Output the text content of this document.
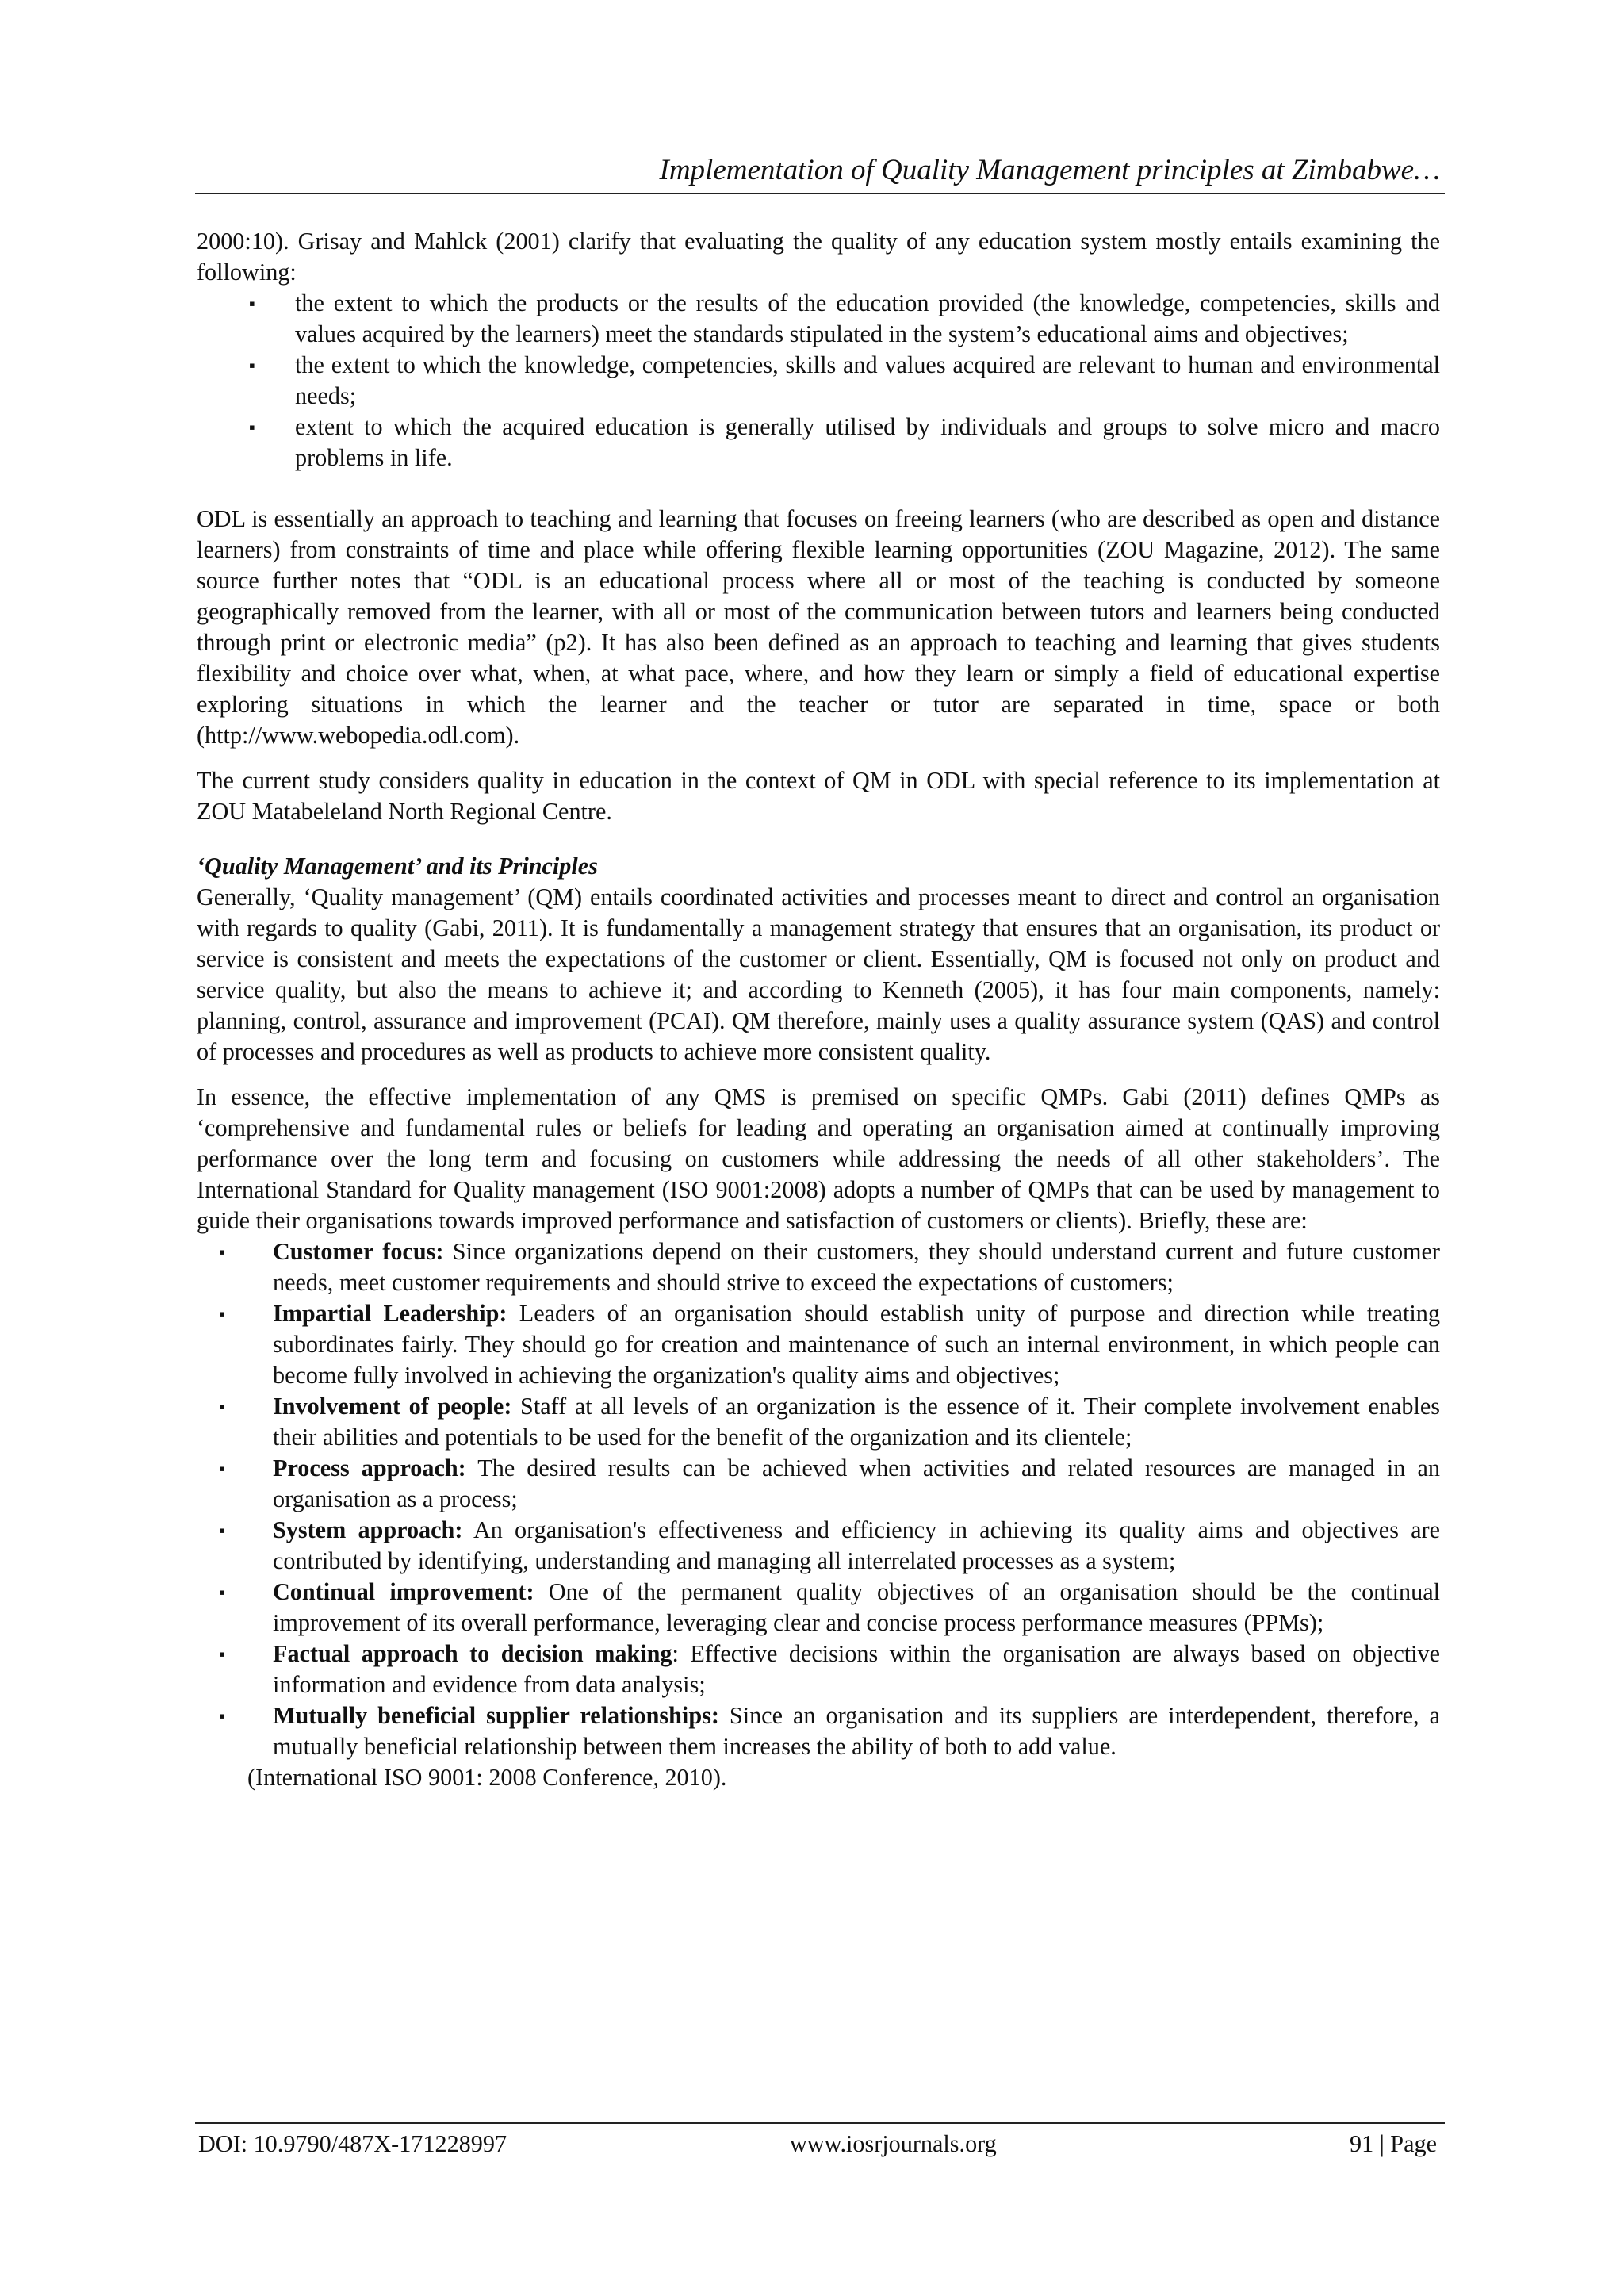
Implementation of Quality Management principles at Zimbabwe…

2000:10). Grisay and Mahlck (2001) clarify that evaluating the quality of any education system mostly entails examining the following:

▪ the extent to which the products or the results of the education provided (the knowledge, competencies, skills and values acquired by the learners) meet the standards stipulated in the system’s educational aims and objectives;
▪ the extent to which the knowledge, competencies, skills and values acquired are relevant to human and environmental needs;
▪ extent to which the acquired education is generally utilised by individuals and groups to solve micro and macro problems in life.

ODL is essentially an approach to teaching and learning that focuses on freeing learners (who are described as open and distance learners) from constraints of time and place while offering flexible learning opportunities (ZOU Magazine, 2012). The same source further notes that “ODL is an educational process where all or most of the teaching is conducted by someone geographically removed from the learner, with all or most of the communication between tutors and learners being conducted through print or electronic media” (p2). It has also been defined as an approach to teaching and learning that gives students flexibility and choice over what, when, at what pace, where, and how they learn or simply a field of educational expertise exploring situations in which the learner and the teacher or tutor are separated in time, space or both (http://www.webopedia.odl.com).

The current study considers quality in education in the context of QM in ODL with special reference to its implementation at ZOU Matabeleland North Regional Centre.

‘Quality Management’ and its Principles

Generally, ‘Quality management’ (QM) entails coordinated activities and processes meant to direct and control an organisation with regards to quality (Gabi, 2011). It is fundamentally a management strategy that ensures that an organisation, its product or service is consistent and meets the expectations of the customer or client. Essentially, QM is focused not only on product and service quality, but also the means to achieve it; and according to Kenneth (2005), it has four main components, namely: planning, control, assurance and improvement (PCAI). QM therefore, mainly uses a quality assurance system (QAS) and control of processes and procedures as well as products to achieve more consistent quality.

In essence, the effective implementation of any QMS is premised on specific QMPs. Gabi (2011) defines QMPs as ‘comprehensive and fundamental rules or beliefs for leading and operating an organisation aimed at continually improving performance over the long term and focusing on customers while addressing the needs of all other stakeholders’. The International Standard for Quality management (ISO 9001:2008) adopts a number of QMPs that can be used by management to guide their organisations towards improved performance and satisfaction of customers or clients). Briefly, these are:

▪ Customer focus: Since organizations depend on their customers, they should understand current and future customer needs, meet customer requirements and should strive to exceed the expectations of customers;
▪ Impartial Leadership: Leaders of an organisation should establish unity of purpose and direction while treating subordinates fairly. They should go for creation and maintenance of such an internal environment, in which people can become fully involved in achieving the organization's quality aims and objectives;
▪ Involvement of people: Staff at all levels of an organization is the essence of it. Their complete involvement enables their abilities and potentials to be used for the benefit of the organization and its clientele;
▪ Process approach: The desired results can be achieved when activities and related resources are managed in an organisation as a process;
▪ System approach: An organisation's effectiveness and efficiency in achieving its quality aims and objectives are contributed by identifying, understanding and managing all interrelated processes as a system;
▪ Continual improvement: One of the permanent quality objectives of an organisation should be the continual improvement of its overall performance, leveraging clear and concise process performance measures (PPMs);
▪ Factual approach to decision making: Effective decisions within the organisation are always based on objective information and evidence from data analysis;
▪ Mutually beneficial supplier relationships: Since an organisation and its suppliers are interdependent, therefore, a mutually beneficial relationship between them increases the ability of both to add value.

(International ISO 9001: 2008 Conference, 2010).

DOI: 10.9790/487X-171228997	www.iosrjournals.org	91 | Page
